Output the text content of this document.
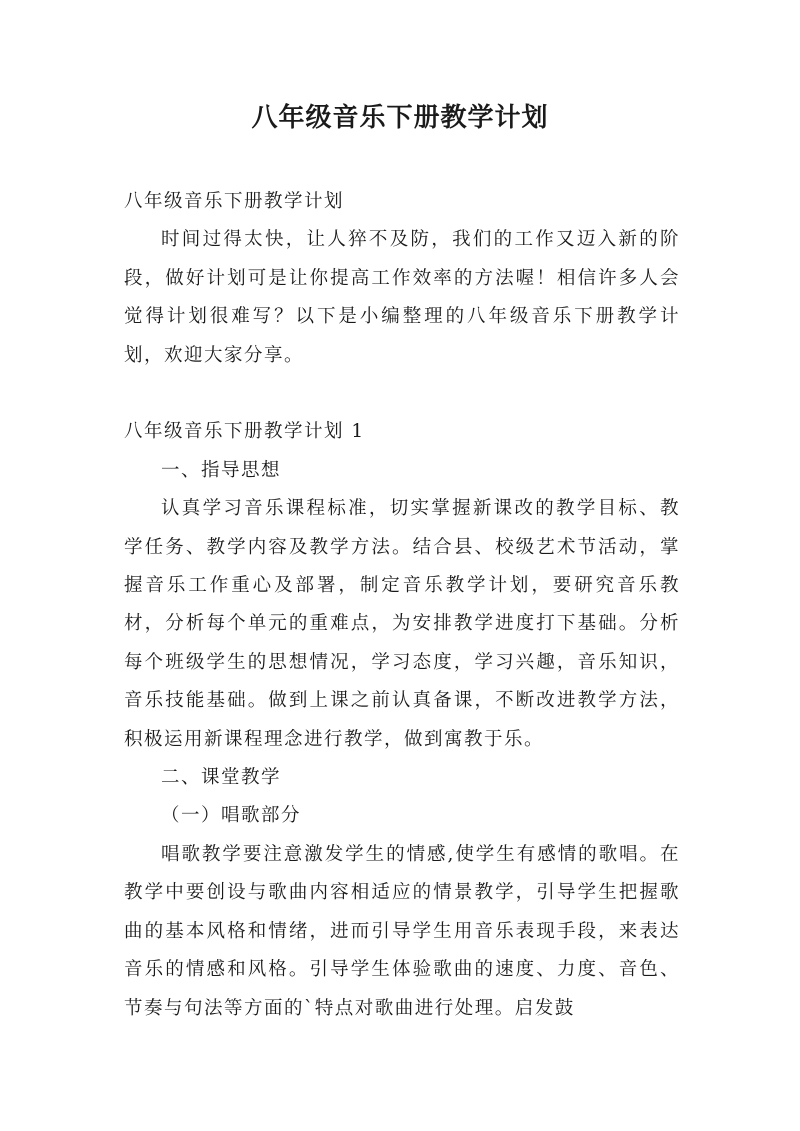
八年级音乐下册教学计划

八年级音乐下册教学计划

时间过得太快，让人猝不及防，我们的工作又迈入新的阶段，做好计划可是让你提高工作效率的方法喔！相信许多人会觉得计划很难写？以下是小编整理的八年级音乐下册教学计划，欢迎大家分享。

八年级音乐下册教学计划 1

一、指导思想

认真学习音乐课程标准，切实掌握新课改的教学目标、教学任务、教学内容及教学方法。结合县、校级艺术节活动，掌握音乐工作重心及部署，制定音乐教学计划，要研究音乐教材，分析每个单元的重难点，为安排教学进度打下基础。分析每个班级学生的思想情况，学习态度，学习兴趣，音乐知识，音乐技能基础。做到上课之前认真备课，不断改进教学方法，积极运用新课程理念进行教学，做到寓教于乐。

二、课堂教学

（一）唱歌部分

唱歌教学要注意激发学生的情感,使学生有感情的歌唱。在教学中要创设与歌曲内容相适应的情景教学，引导学生把握歌曲的基本风格和情绪，进而引导学生用音乐表现手段，来表达音乐的情感和风格。引导学生体验歌曲的速度、力度、音色、节奏与句法等方面的`特点对歌曲进行处理。启发鼓
